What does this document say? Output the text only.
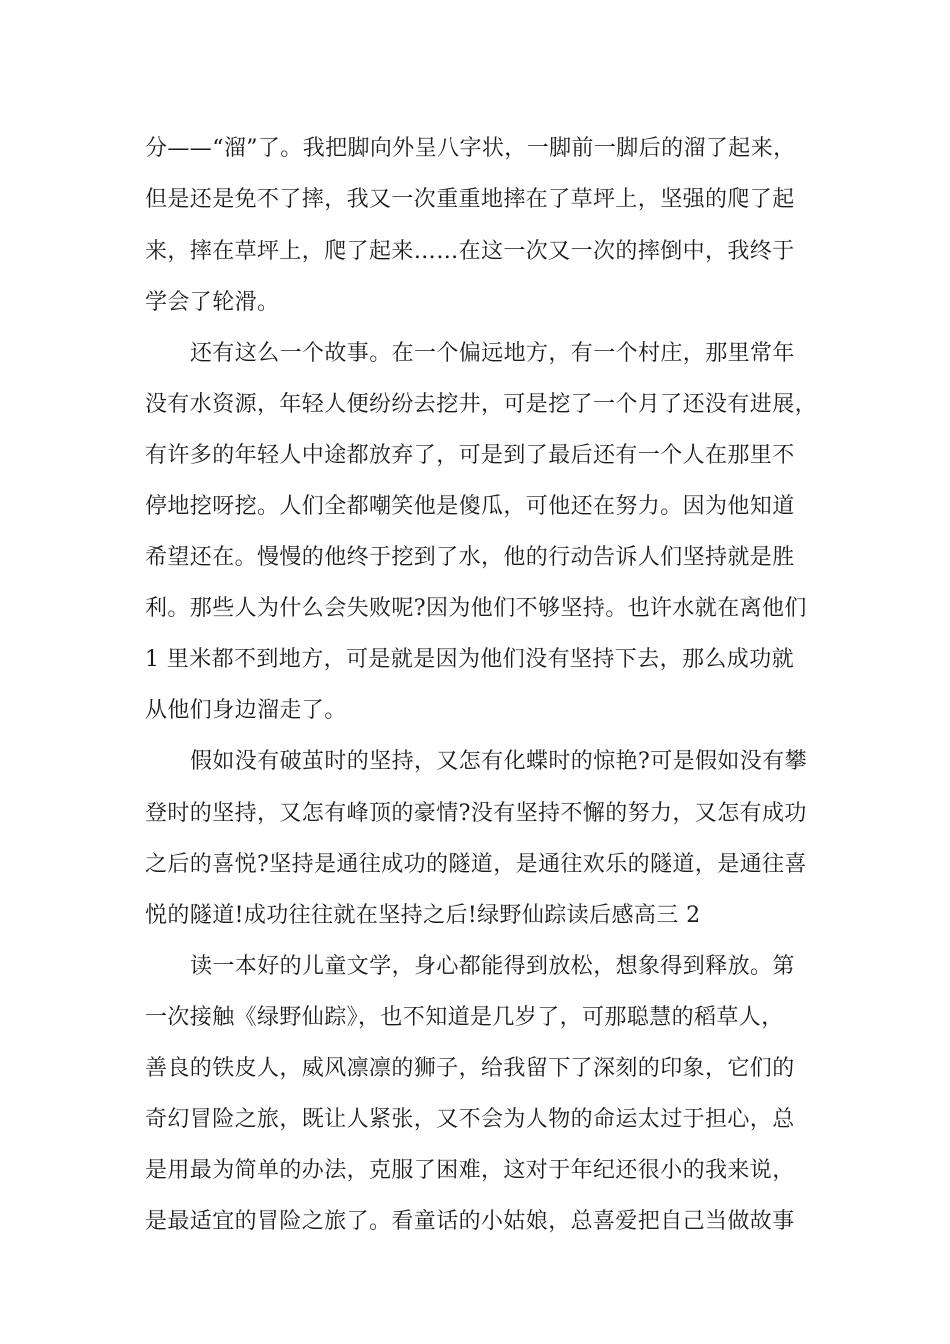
分——“溜”了。我把脚向外呈八字状，一脚前一脚后的溜了起来，
但是还是免不了摔，我又一次重重地摔在了草坪上，坚强的爬了起
来，摔在草坪上，爬了起来……在这一次又一次的摔倒中，我终于
学会了轮滑。
还有这么一个故事。在一个偏远地方，有一个村庄，那里常年
没有水资源，年轻人便纷纷去挖井，可是挖了一个月了还没有进展，
有许多的年轻人中途都放弃了，可是到了最后还有一个人在那里不
停地挖呀挖。人们全都嘲笑他是傻瓜，可他还在努力。因为他知道
希望还在。慢慢的他终于挖到了水，他的行动告诉人们坚持就是胜
利。那些人为什么会失败呢?因为他们不够坚持。也许水就在离他们
1 里米都不到地方，可是就是因为他们没有坚持下去，那么成功就
从他们身边溜走了。
假如没有破茧时的坚持，又怎有化蝶时的惊艳?可是假如没有攀
登时的坚持，又怎有峰顶的豪情?没有坚持不懈的努力，又怎有成功
之后的喜悦?坚持是通往成功的隧道，是通往欢乐的隧道，是通往喜
悦的隧道!成功往往就在坚持之后!绿野仙踪读后感高三 2
读一本好的儿童文学，身心都能得到放松，想象得到释放。第
一次接触《绿野仙踪》，也不知道是几岁了，可那聪慧的稻草人，
善良的铁皮人，威风凛凛的狮子，给我留下了深刻的印象，它们的
奇幻冒险之旅，既让人紧张，又不会为人物的命运太过于担心，总
是用最为简单的办法，克服了困难，这对于年纪还很小的我来说，
是最适宜的冒险之旅了。看童话的小姑娘，总喜爱把自己当做故事
